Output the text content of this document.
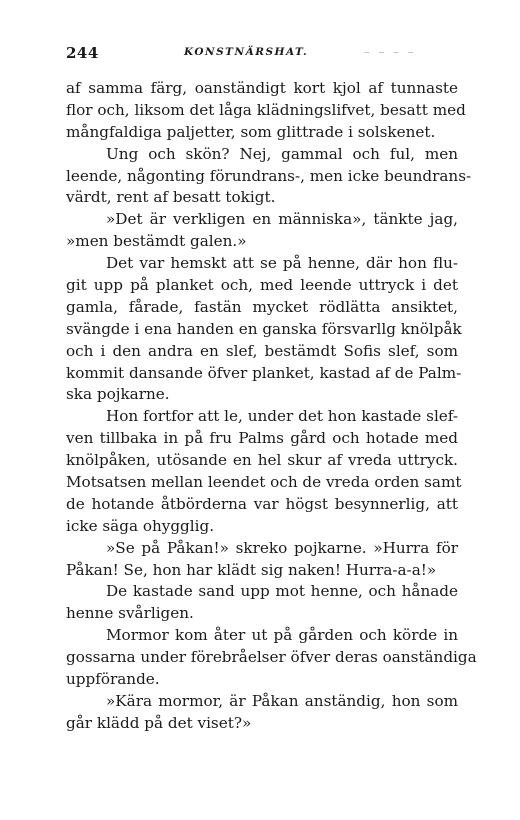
244	KONSTNÄRSHAT.	‒ ‒ ‒ ‒
af samma färg, oanständigt kort kjol af tunnaste
flor och, liksom det låga klädningslifvet, besatt med
mångfaldiga paljetter, som glittrade i solskenet.
Ung och skön? Nej, gammal och ful, men
leende, någonting förundrans-, men icke beundrans-
värdt, rent af besatt tokigt.
»Det är verkligen en människa», tänkte jag,
»men bestämdt galen.»
Det var hemskt att se på henne, där hon flu-
git upp på planket och, med leende uttryck i det
gamla, fårade, fastän mycket rödlätta ansiktet,
svängde i ena handen en ganska försvarllg knölpåk
och i den andra en slef, bestämdt Sofis slef, som
kommit dansande öfver planket, kastad af de Palm-
ska pojkarne.
Hon fortfor att le, under det hon kastade slef-
ven tillbaka in på fru Palms gård och hotade med
knölpåken, utösande en hel skur af vreda uttryck.
Motsatsen mellan leendet och de vreda orden samt
de hotande åtbörderna var högst besynnerlig, att
icke säga ohygglig.
»Se på Påkan!» skreko pojkarne. »Hurra för
Påkan! Se, hon har klädt sig naken! Hurra-a-a!»
De kastade sand upp mot henne, och hånade
henne svårligen.
Mormor kom åter ut på gården och körde in
gossarna under förebråelser öfver deras oanständiga
uppförande.
»Kära mormor, är Påkan anständig, hon som
går klädd på det viset?»
